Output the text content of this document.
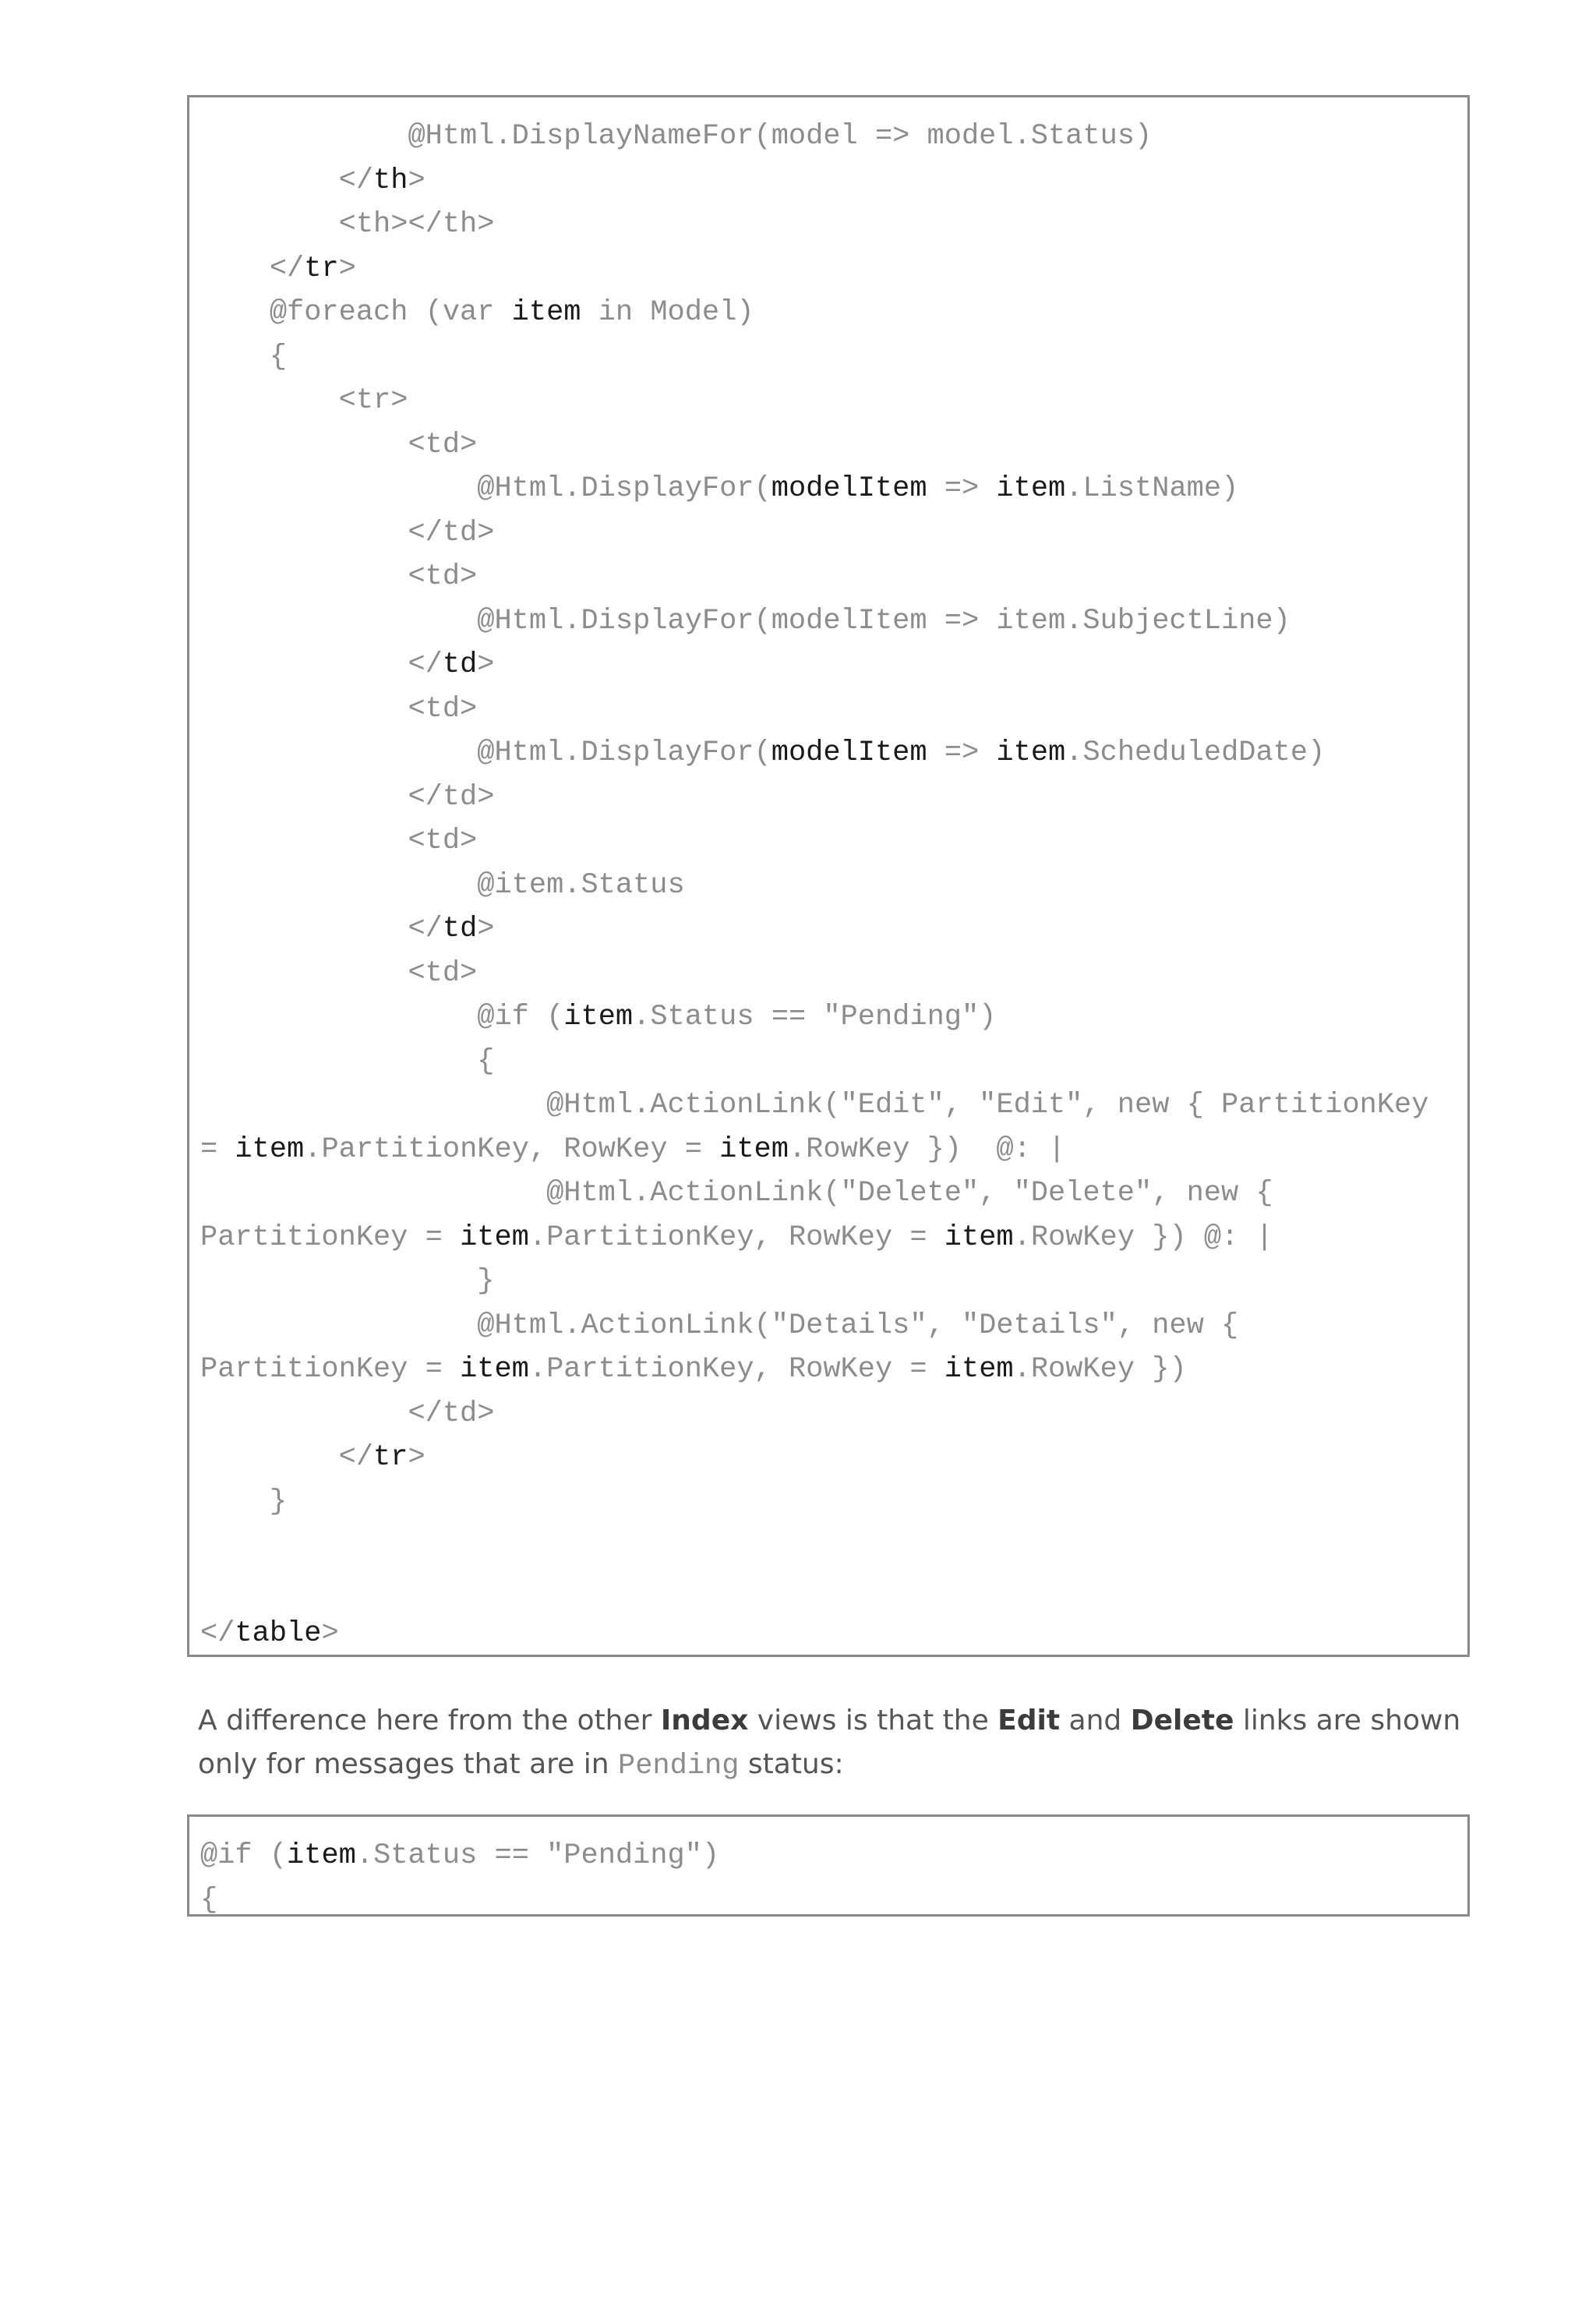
@Html.DisplayNameFor(model => model.Status)
</th>
<th></th>
</tr>
@foreach (var item in Model)
{
<tr>
<td>
@Html.DisplayFor(modelItem => item.ListName)
</td>
<td>
@Html.DisplayFor(modelItem => item.SubjectLine)
</td>
<td>
@Html.DisplayFor(modelItem => item.ScheduledDate)
</td>
<td>
@item.Status
</td>
<td>
@if (item.Status == "Pending")
{
@Html.ActionLink("Edit", "Edit", new { PartitionKey
= item.PartitionKey, RowKey = item.RowKey })  @: |
@Html.ActionLink("Delete", "Delete", new {
PartitionKey = item.PartitionKey, RowKey = item.RowKey }) @: |
}
@Html.ActionLink("Details", "Details", new {
PartitionKey = item.PartitionKey, RowKey = item.RowKey })
</td>
</tr>
}
</table>

A difference here from the other Index views is that the Edit and Delete links are shown only for messages that are in Pending status:

@if (item.Status == "Pending")
{
